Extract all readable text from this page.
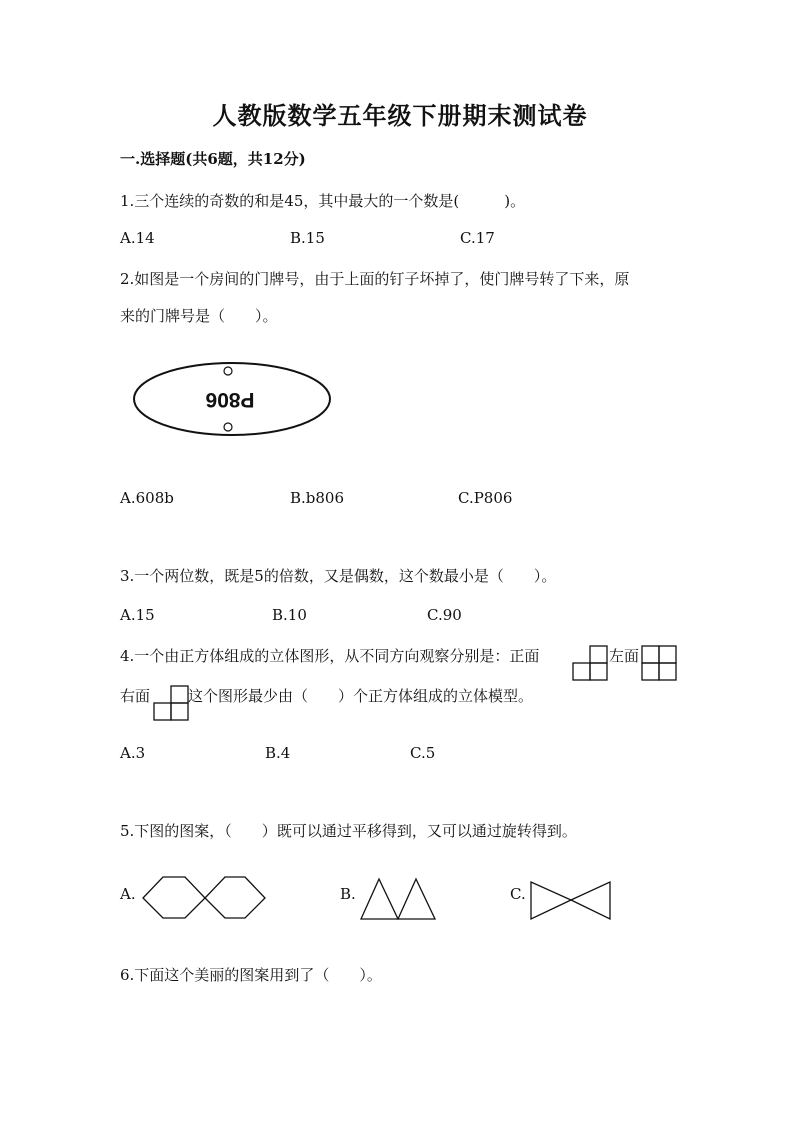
人教版数学五年级下册期末测试卷
一.选择题(共6题，共12分)
1.三个连续的奇数的和是45，其中最大的一个数是(　　　)。
A.14	B.15	C.17
2.如图是一个房间的门牌号，由于上面的钉子坏掉了，使门牌号转了下来，原
来的门牌号是（　　）。
P806
A.608b	B.b806	C.P806
3.一个两位数，既是5的倍数，又是偶数，这个数最小是（　　）。
A.15	B.10	C.90
4.一个由正方体组成的立体图形，从不同方向观察分别是：正面	左面
右面	这个图形最少由（　　）个正方体组成的立体模型。
A.3	B.4	C.5
5.下图的图案，（　　）既可以通过平移得到，又可以通过旋转得到。
A.	B.	C.
6.下面这个美丽的图案用到了（　　）。
